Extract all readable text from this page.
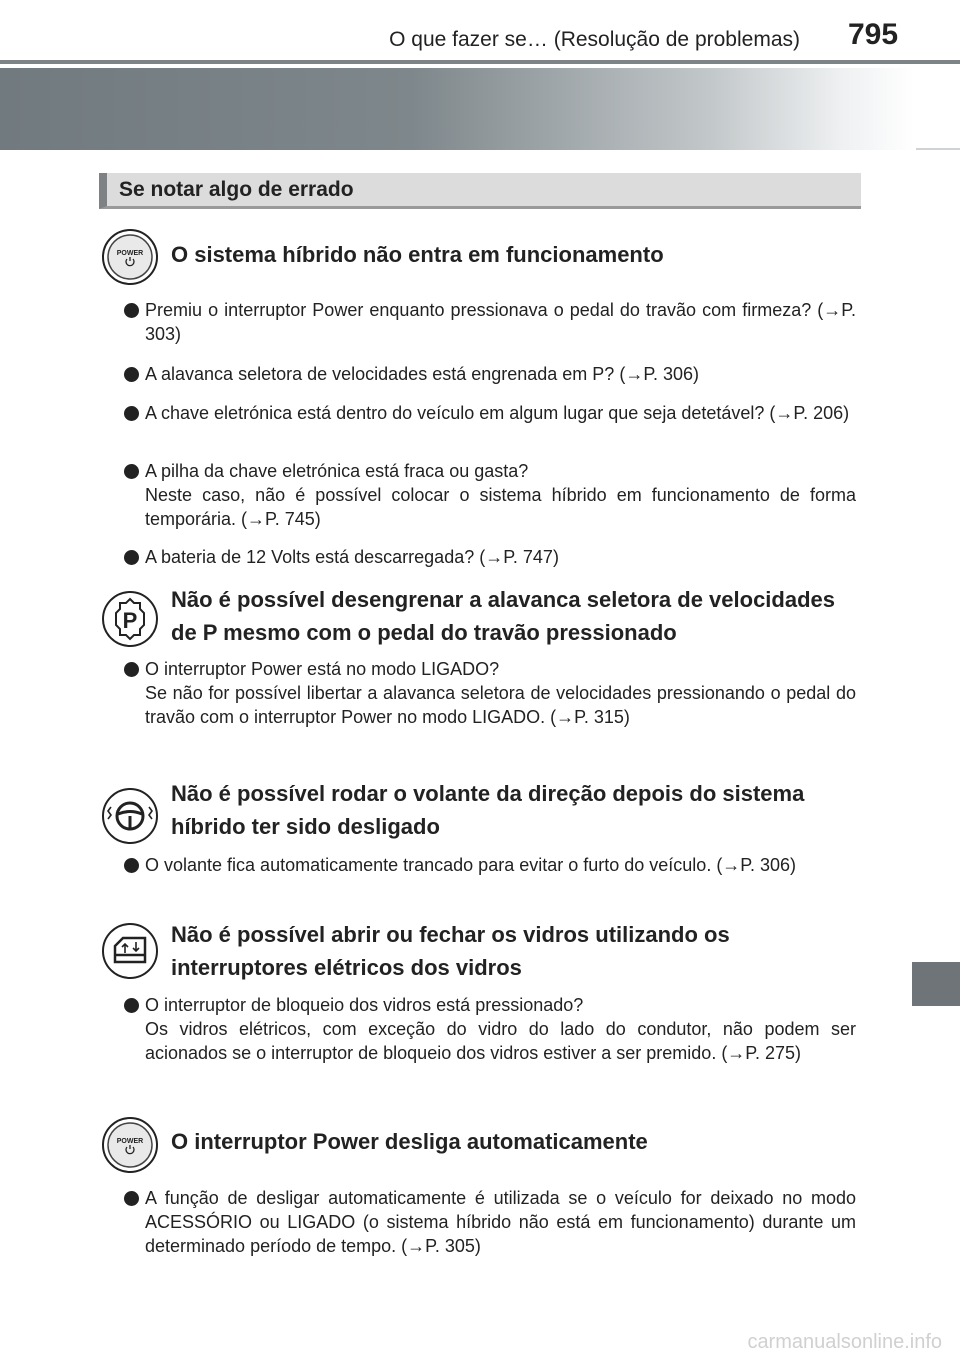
O que fazer se… (Resolução de problemas) 795
Se notar algo de errado
POWER O sistema híbrido não entra em funcionamento

Premiu o interruptor Power enquanto pressionava o pedal do travão com firmeza? (→P. 303)

A alavanca seletora de velocidades está engrenada em P? (→P. 306)

A chave eletrónica está dentro do veículo em algum lugar que seja detetável? (→P. 206)

A pilha da chave eletrónica está fraca ou gasta?

Neste caso, não é possível colocar o sistema híbrido em funcionamento de forma temporária. (→P. 745)

A bateria de 12 Volts está descarregada? (→P. 747)

P
Não é possível desengrenar a alavanca seletora de velocidades de P mesmo com o pedal do travão pressionado

O interruptor Power está no modo LIGADO?

Se não for possível libertar a alavanca seletora de velocidades pressionando o pedal do travão com o interruptor Power no modo LIGADO. (→P. 315)

Não é possível rodar o volante da direção depois do sistema híbrido ter sido desligado

O volante fica automaticamente trancado para evitar o furto do veículo. (→P. 306)

Não é possível abrir ou fechar os vidros utilizando os interruptores elétricos dos vidros

O interruptor de bloqueio dos vidros está pressionado?

Os vidros elétricos, com exceção do vidro do lado do condutor, não podem ser acionados se o interruptor de bloqueio dos vidros estiver a ser premido. (→P. 275)

POWER O interruptor Power desliga automaticamente

A função de desligar automaticamente é utilizada se o veículo for deixado no modo ACESSÓRIO ou LIGADO (o sistema híbrido não está em funcionamento) durante um determinado período de tempo. (→P. 305)

carmanualsonline.info
